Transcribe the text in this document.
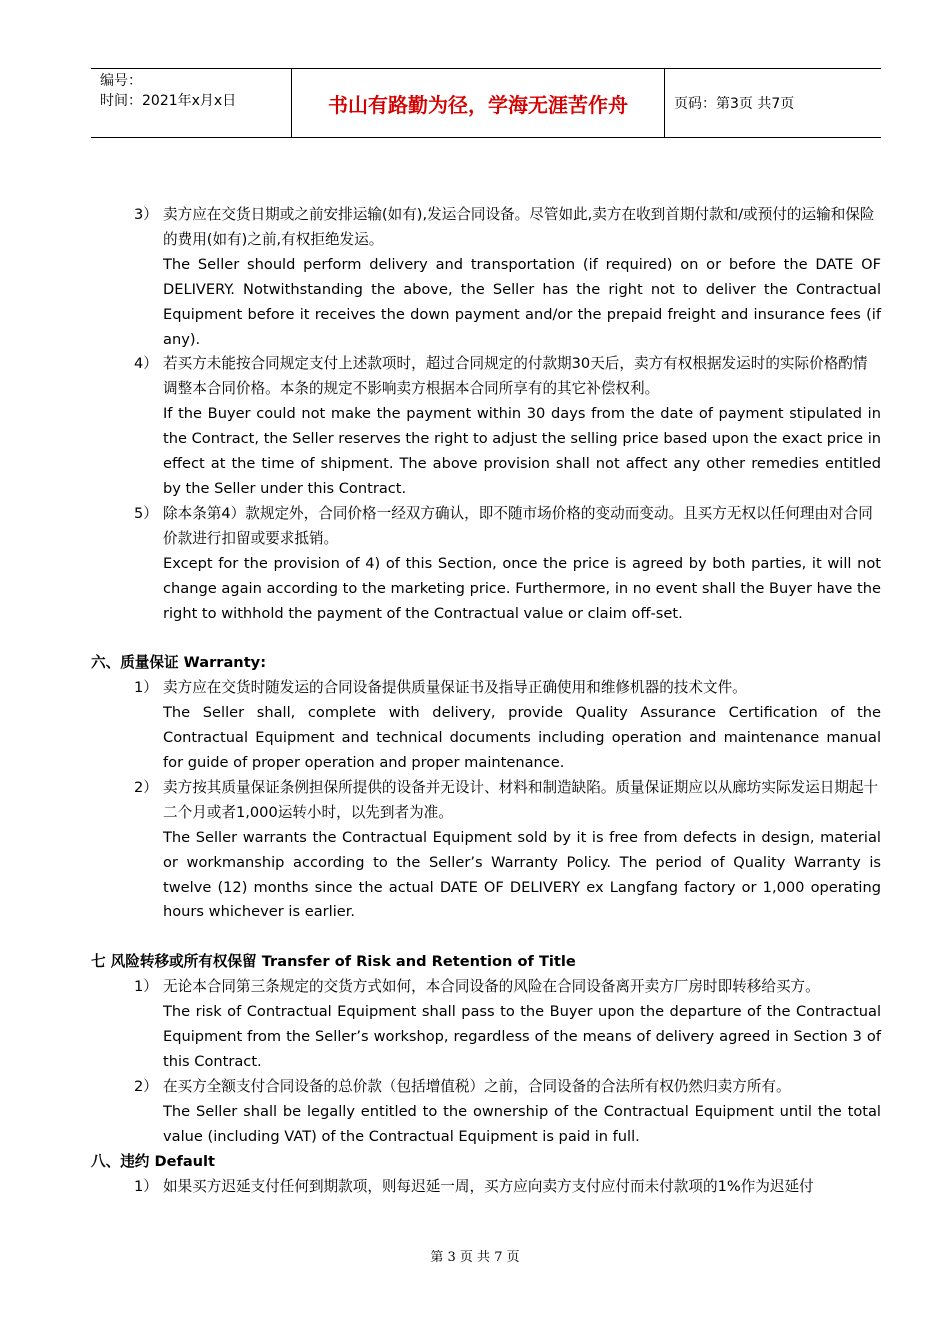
编号：
时间：2021年x月x日	书山有路勤为径，学海无涯苦作舟	页码：第3页 共7页
3） 卖方应在交货日期或之前安排运输(如有),发运合同设备。尽管如此,卖方在收到首期付款和/或预付的运输和保险的费用(如有)之前,有权拒绝发运。
The Seller should perform delivery and transportation (if required) on or before the DATE OF DELIVERY. Notwithstanding the above, the Seller has the right not to deliver the Contractual Equipment before it receives the down payment and/or the prepaid freight and insurance fees (if any).
4） 若买方未能按合同规定支付上述款项时，超过合同规定的付款期30天后，卖方有权根据发运时的实际价格酌情调整本合同价格。本条的规定不影响卖方根据本合同所享有的其它补偿权利。
If the Buyer could not make the payment within 30 days from the date of payment stipulated in the Contract, the Seller reserves the right to adjust the selling price based upon the exact price in effect at the time of shipment. The above provision shall not affect any other remedies entitled by the Seller under this Contract.
5） 除本条第4）款规定外，合同价格一经双方确认，即不随市场价格的变动而变动。且买方无权以任何理由对合同价款进行扣留或要求抵销。
Except for the provision of 4) of this Section, once the price is agreed by both parties, it will not change again according to the marketing price. Furthermore, in no event shall the Buyer have the right to withhold the payment of the Contractual value or claim off-set.
六、质量保证 Warranty:
1） 卖方应在交货时随发运的合同设备提供质量保证书及指导正确使用和维修机器的技术文件。
The Seller shall, complete with delivery, provide Quality Assurance Certification of the Contractual Equipment and technical documents including operation and maintenance manual for guide of proper operation and proper maintenance.
2） 卖方按其质量保证条例担保所提供的设备并无设计、材料和制造缺陷。质量保证期应以从廊坊实际发运日期起十二个月或者1,000运转小时，以先到者为准。
The Seller warrants the Contractual Equipment sold by it is free from defects in design, material or workmanship according to the Seller’s Warranty Policy. The period of Quality Warranty is twelve (12) months since the actual DATE OF DELIVERY ex Langfang factory or 1,000 operating hours whichever is earlier.
七 风险转移或所有权保留 Transfer of Risk and Retention of Title
1） 无论本合同第三条规定的交货方式如何，本合同设备的风险在合同设备离开卖方厂房时即转移给买方。
The risk of Contractual Equipment shall pass to the Buyer upon the departure of the Contractual Equipment from the Seller’s workshop, regardless of the means of delivery agreed in Section 3 of this Contract.
2） 在买方全额支付合同设备的总价款（包括增值税）之前，合同设备的合法所有权仍然归卖方所有。
The Seller shall be legally entitled to the ownership of the Contractual Equipment until the total value (including VAT) of the Contractual Equipment is paid in full.
八、违约 Default
1） 如果买方迟延支付任何到期款项，则每迟延一周，买方应向卖方支付应付而未付款项的1%作为迟延付
第 3 页 共 7 页
